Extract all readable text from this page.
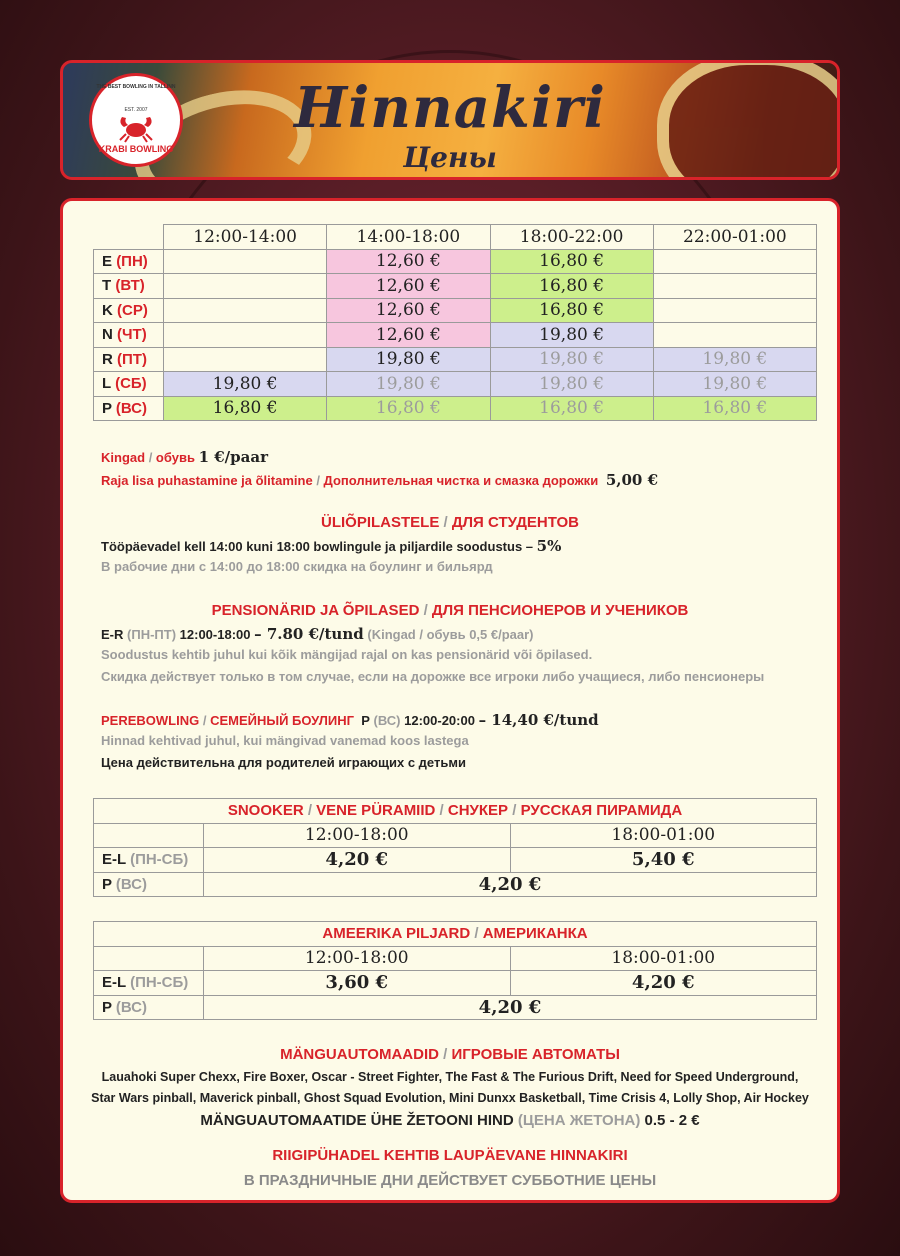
THE BEST BOWLING IN TALLINN
EST. 2007
KRABI BOWLING
Hinnakiri
Цены
	12:00-14:00	14:00-18:00	18:00-22:00	22:00-01:00
E (ПН)		12,60 €	16,80 €	
T (ВТ)		12,60 €	16,80 €	
K (СР)		12,60 €	16,80 €	
N (ЧТ)		12,60 €	19,80 €	
R (ПТ)		19,80 €	19,80 €	19,80 €
L (СБ)	19,80 €	19,80 €	19,80 €	19,80 €
P (ВС)	16,80 €	16,80 €	16,80 €	16,80 €
Kingad / обувь 1 €/paar
Raja lisa puhastamine ja õlitamine / Дополнительная чистка и смазка дорожки 5,00 €
ÜLIÕPILASTELE / ДЛЯ СТУДЕНТОВ
Tööpäevadel kell 14:00 kuni 18:00 bowlingule ja piljardile soodustus – 5%
В рабочие дни с 14:00 до 18:00 скидка на боулинг и бильярд
PENSIONÄRID JA ÕPILASED / ДЛЯ ПЕНСИОНЕРОВ И УЧЕНИКОВ
E-R (ПН-ПТ) 12:00-18:00 – 7.80 €/tund (Kingad / обувь 0,5 €/paar)
Soodustus kehtib juhul kui kõik mängijad rajal on kas pensionärid või õpilased.
Скидка действует только в том случае, если на дорожке все игроки либо учащиеся, либо пенсионеры
PEREBOWLING / СЕМЕЙНЫЙ БОУЛИНГ P (ВС) 12:00-20:00 – 14,40 €/tund
Hinnad kehtivad juhul, kui mängivad vanemad koos lastega
Цена действительна для родителей играющих с детьми
SNOOKER / VENE PÜRAMIID / СНУКЕР / РУССКАЯ ПИРАМИДА		
	12:00-18:00	18:00-01:00
E-L (ПН-СБ)	4,20 €	5,40 €
P (ВС)	4,20 €	
AMEERIKA PILJARD / АМЕРИКАНКА		
	12:00-18:00	18:00-01:00
E-L (ПН-СБ)	3,60 €	4,20 €
P (ВС)	4,20 €	
MÄNGUAUTOMAADID / ИГРОВЫЕ АВТОМАТЫ
Lauahoki Super Chexx, Fire Boxer, Oscar - Street Fighter, The Fast & The Furious Drift, Need for Speed Underground,
Star Wars pinball, Maverick pinball, Ghost Squad Evolution, Mini Dunxx Basketball, Time Crisis 4, Lolly Shop, Air Hockey
MÄNGUAUTOMAATIDE ÜHE ŽETOONI HIND (ЦЕНА ЖЕТОНА) 0.5 - 2 €
RIIGIPÜHADEL KEHTIB LAUPÄEVANE HINNAKIRI
В ПРАЗДНИЧНЫЕ ДНИ ДЕЙСТВУЕТ СУББОТНИЕ ЦЕНЫ
